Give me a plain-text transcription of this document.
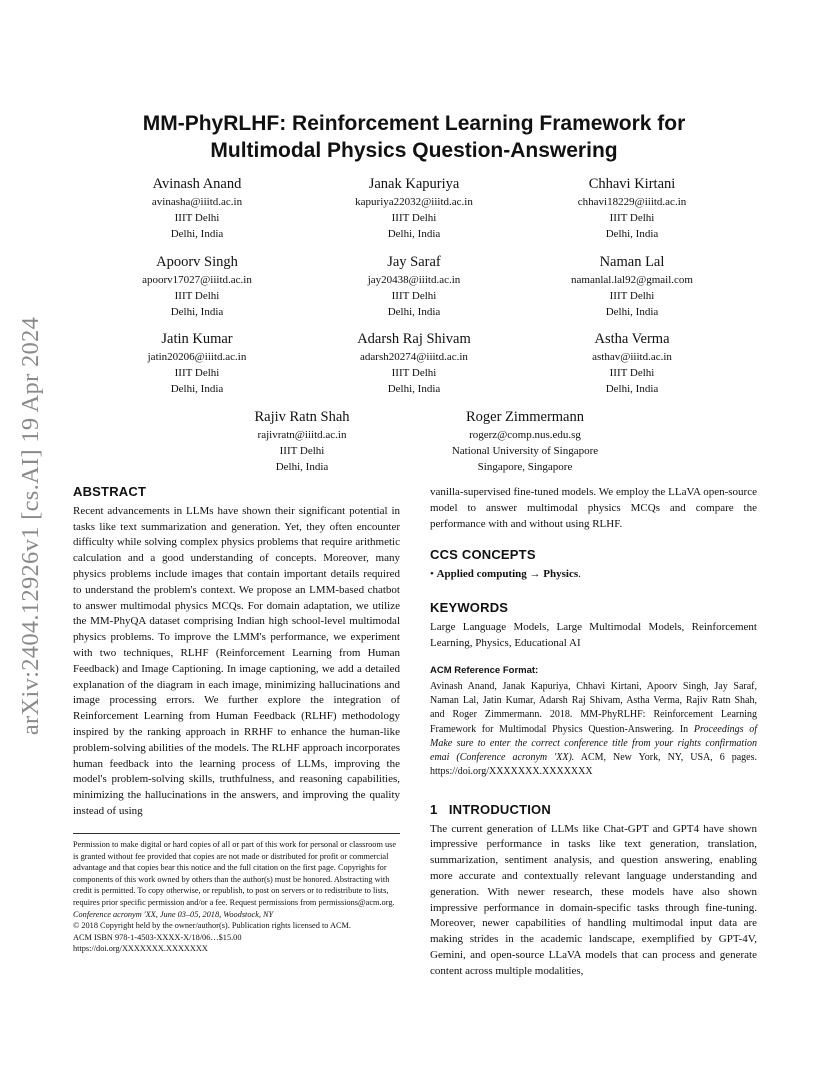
arXiv:2404.12926v1 [cs.AI] 19 Apr 2024
MM-PhyRLHF: Reinforcement Learning Framework for
Multimodal Physics Question-Answering
Avinash Anand
avinasha@iiitd.ac.in
IIIT Delhi
Delhi, India
Janak Kapuriya
kapuriya22032@iiitd.ac.in
IIIT Delhi
Delhi, India
Chhavi Kirtani
chhavi18229@iiitd.ac.in
IIIT Delhi
Delhi, India
Apoorv Singh
apoorv17027@iiitd.ac.in
IIIT Delhi
Delhi, India
Jay Saraf
jay20438@iiitd.ac.in
IIIT Delhi
Delhi, India
Naman Lal
namanlal.lal92@gmail.com
IIIT Delhi
Delhi, India
Jatin Kumar
jatin20206@iiitd.ac.in
IIIT Delhi
Delhi, India
Adarsh Raj Shivam
adarsh20274@iiitd.ac.in
IIIT Delhi
Delhi, India
Astha Verma
asthav@iiitd.ac.in
IIIT Delhi
Delhi, India
Rajiv Ratn Shah
rajivratn@iiitd.ac.in
IIIT Delhi
Delhi, India
Roger Zimmermann
rogerz@comp.nus.edu.sg
National University of Singapore
Singapore, Singapore
ABSTRACT

Recent advancements in LLMs have shown their significant potential in tasks like text summarization and generation. Yet, they often encounter difficulty while solving complex physics problems that require arithmetic calculation and a good understanding of concepts. Moreover, many physics problems include images that contain important details required to understand the problem's context. We propose an LMM-based chatbot to answer multimodal physics MCQs. For domain adaptation, we utilize the MM-PhyQA dataset comprising Indian high school-level multimodal physics problems. To improve the LMM's performance, we experiment with two techniques, RLHF (Reinforcement Learning from Human Feedback) and Image Captioning. In image captioning, we add a detailed explanation of the diagram in each image, minimizing hallucinations and image processing errors. We further explore the integration of Reinforcement Learning from Human Feedback (RLHF) methodology inspired by the ranking approach in RRHF to enhance the human-like problem-solving abilities of the models. The RLHF approach incorporates human feedback into the learning process of LLMs, improving the model's problem-solving skills, truthfulness, and reasoning capabilities, minimizing the hallucinations in the answers, and improving the quality instead of using

Permission to make digital or hard copies of all or part of this work for personal or classroom use is granted without fee provided that copies are not made or distributed for profit or commercial advantage and that copies bear this notice and the full citation on the first page. Copyrights for components of this work owned by others than the author(s) must be honored. Abstracting with credit is permitted. To copy otherwise, or republish, to post on servers or to redistribute to lists, requires prior specific permission and/or a fee. Request permissions from permissions@acm.org.

Conference acronym 'XX, June 03–05, 2018, Woodstock, NY

© 2018 Copyright held by the owner/author(s). Publication rights licensed to ACM.

ACM ISBN 978-1-4503-XXXX-X/18/06…$15.00

https://doi.org/XXXXXXX.XXXXXXX

vanilla-supervised fine-tuned models. We employ the LLaVA open-source model to answer multimodal physics MCQs and compare the performance with and without using RLHF.

CCS CONCEPTS

• Applied computing → Physics.

KEYWORDS

Large Language Models, Large Multimodal Models, Reinforcement Learning, Physics, Educational AI

ACM Reference Format:

Avinash Anand, Janak Kapuriya, Chhavi Kirtani, Apoorv Singh, Jay Saraf, Naman Lal, Jatin Kumar, Adarsh Raj Shivam, Astha Verma, Rajiv Ratn Shah, and Roger Zimmermann. 2018. MM-PhyRLHF: Reinforcement Learning Framework for Multimodal Physics Question-Answering. In Proceedings of Make sure to enter the correct conference title from your rights confirmation emai (Conference acronym 'XX). ACM, New York, NY, USA, 6 pages. https://doi.org/XXXXXXX.XXXXXXX

1 INTRODUCTION

The current generation of LLMs like Chat-GPT and GPT4 have shown impressive performance in tasks like text generation, translation, summarization, sentiment analysis, and question answering, enabling more accurate and contextually relevant language understanding and generation. With newer research, these models have also shown impressive performance in domain-specific tasks through fine-tuning. Moreover, newer capabilities of handling multimodal input data are making strides in the academic landscape, exemplified by GPT-4V, Gemini, and open-source LLaVA models that can process and generate content across multiple modalities,
